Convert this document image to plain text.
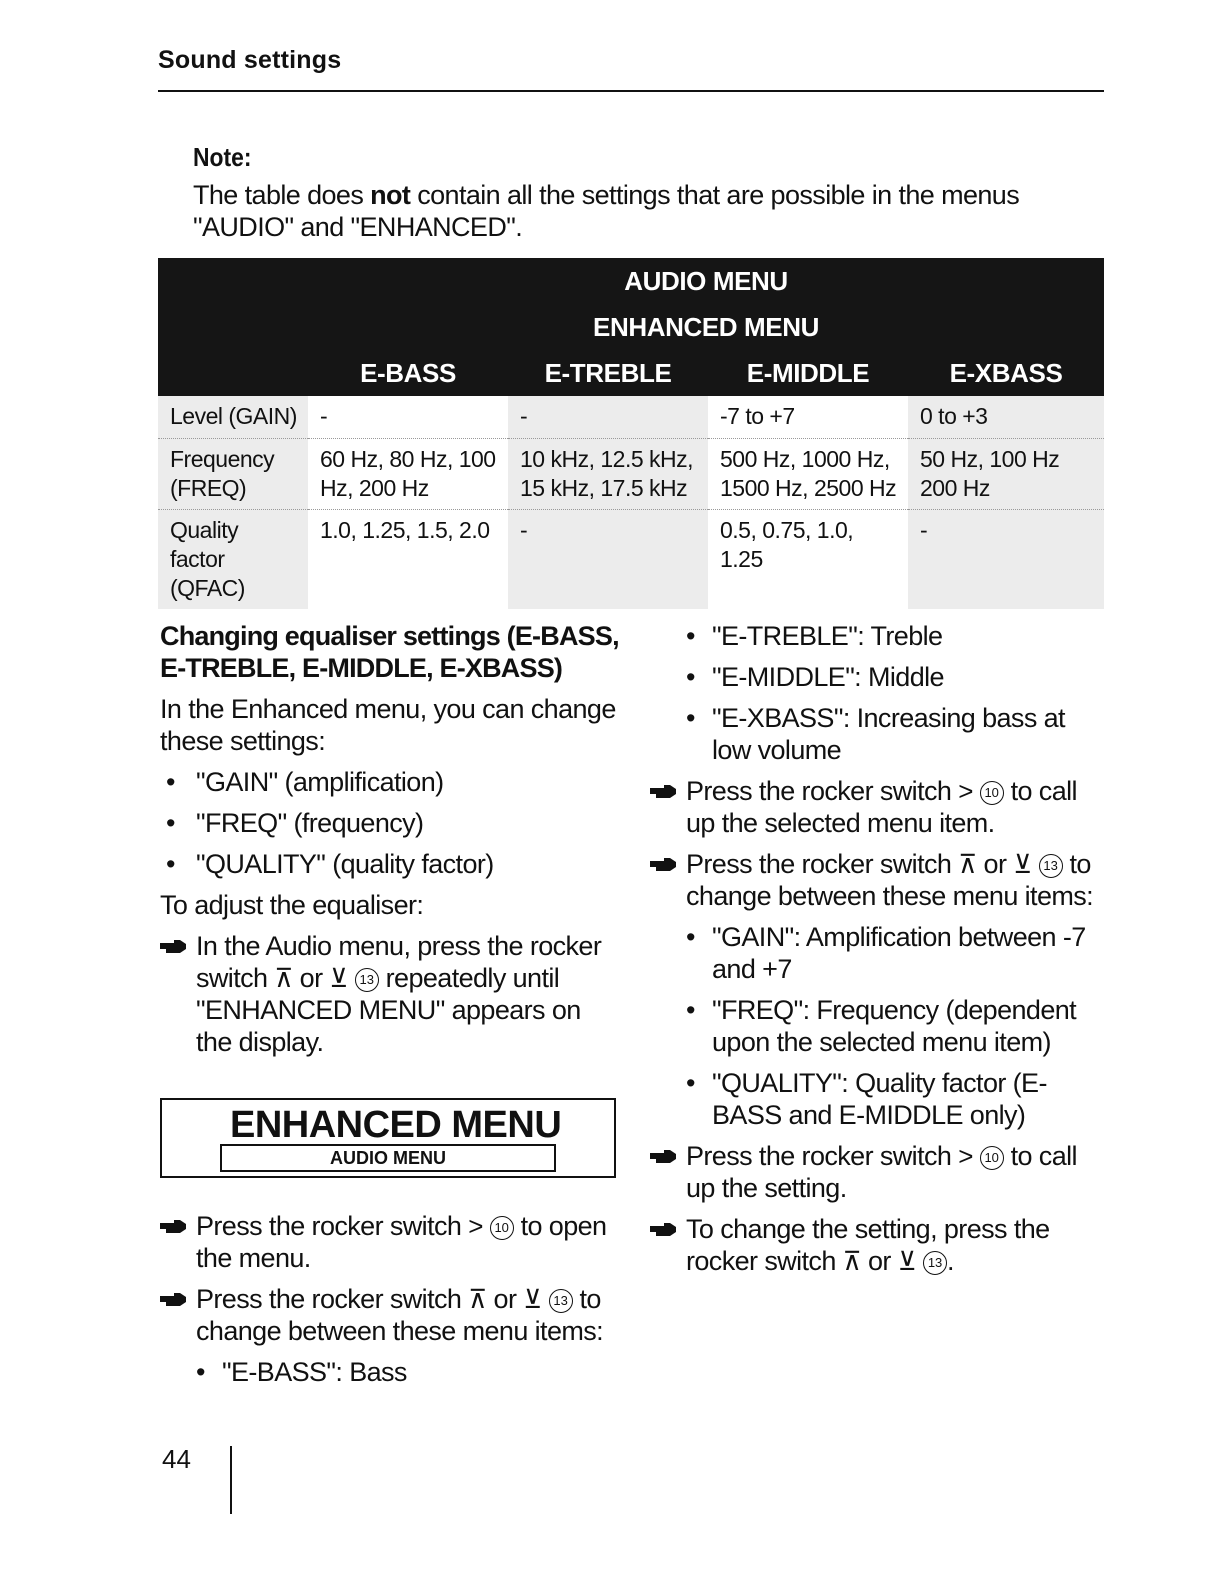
Sound settings
Note:
The table does not contain all the settings that are possible in the menus "AUDIO" and "ENHANCED".
AUDIO MENU				
ENHANCED MENU				
	E-BASS	E-TREBLE	E-MIDDLE	E-XBASS
Level (GAIN)	-	-	-7 to +7	0 to +3
Frequency (FREQ)	60 Hz, 80 Hz, 100 Hz, 200 Hz	10 kHz, 12.5 kHz, 15 kHz, 17.5 kHz	500 Hz, 1000 Hz, 1500 Hz, 2500 Hz	50 Hz, 100 Hz 200 Hz
Quality factor (QFAC)	1.0, 1.25, 1.5, 2.0	-	0.5, 0.75, 1.0, 1.25	-
Changing equaliser settings (E-BASS, E-TREBLE, E-MIDDLE, E-XBASS)
In the Enhanced menu, you can change these settings:
• "GAIN" (amplification)
• "FREQ" (frequency)
• "QUALITY" (quality factor)
To adjust the equaliser:
In the Audio menu, press the rocker switch ⊼ or ⊻ 13 repeatedly until "ENHANCED MENU" appears on the display.
ENHANCED MENU
AUDIO MENU
Press the rocker switch > 10 to open the menu.
Press the rocker switch ⊼ or ⊻ 13 to change between these menu items:
• "E-BASS": Bass
• "E-TREBLE": Treble
• "E-MIDDLE": Middle
• "E-XBASS": Increasing bass at low volume
Press the rocker switch > 10 to call up the selected menu item.
Press the rocker switch ⊼ or ⊻ 13 to change between these menu items:
• "GAIN": Amplification between -7 and +7
• "FREQ": Frequency (dependent upon the selected menu item)
• "QUALITY": Quality factor (E-BASS and E-MIDDLE only)
Press the rocker switch > 10 to call up the setting.
To change the setting, press the rocker switch ⊼ or ⊻ 13 .
44
